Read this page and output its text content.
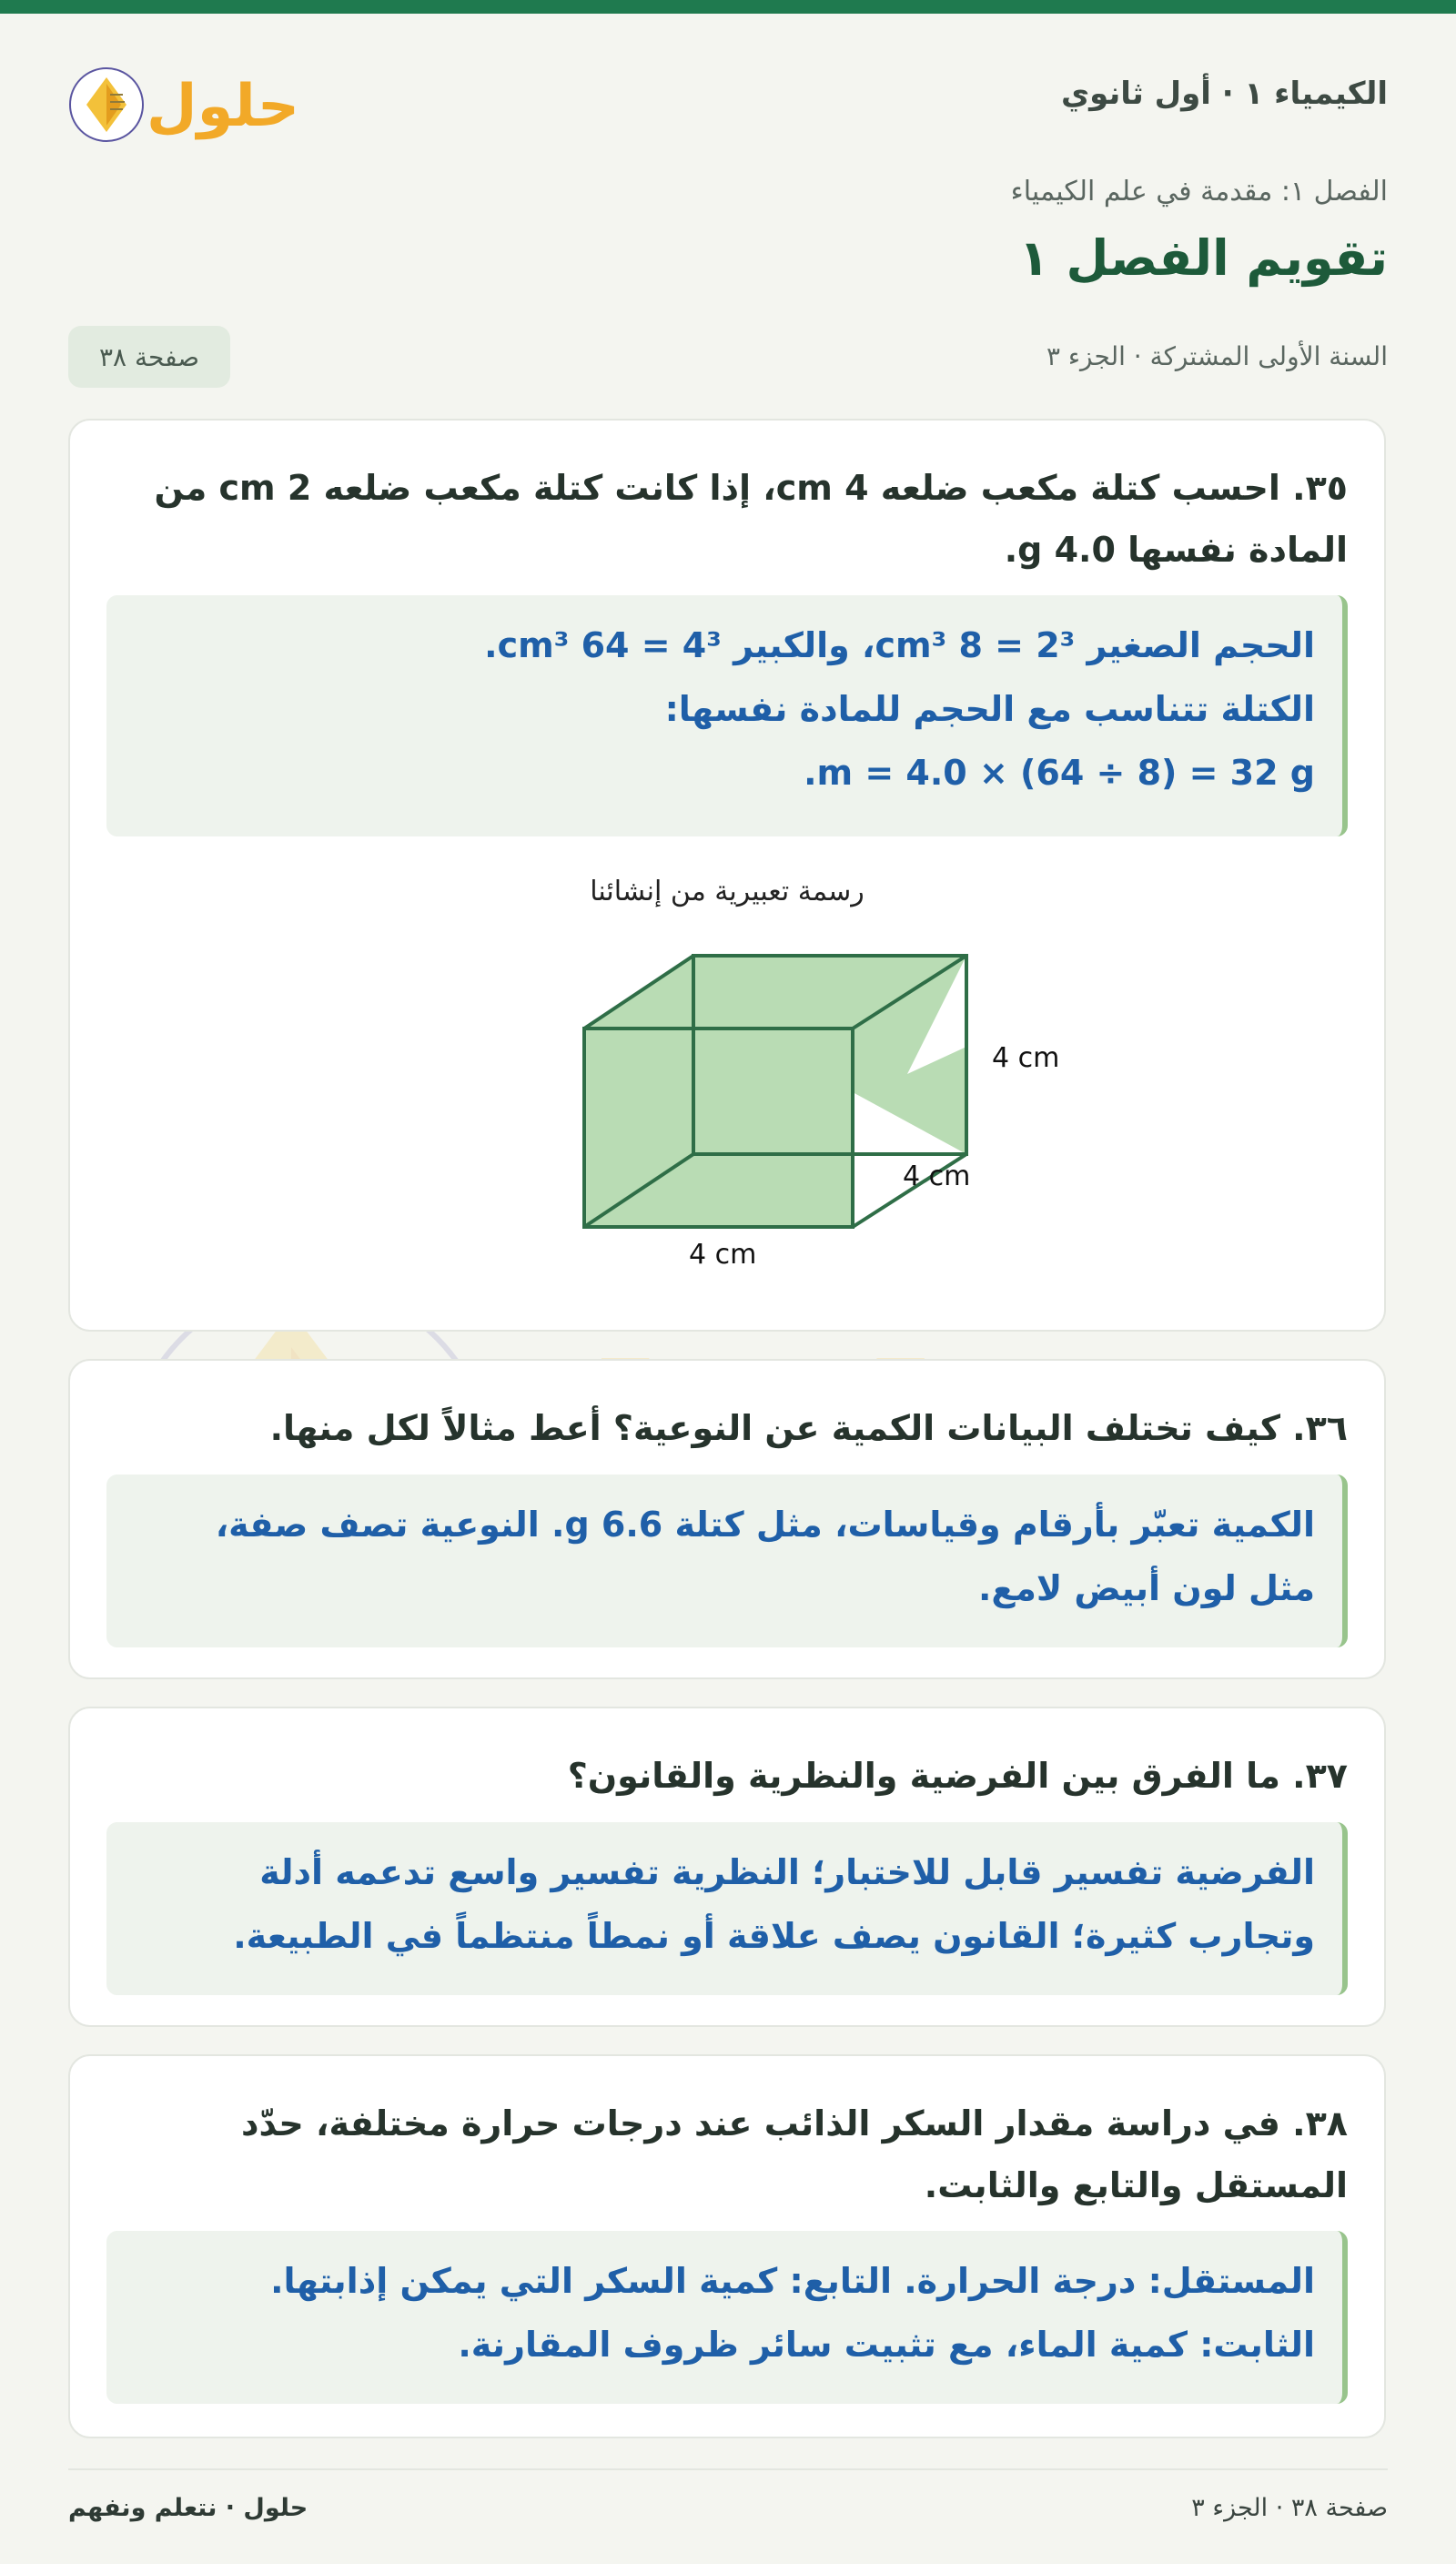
حلول	الكيمياء ١ · أول ثانوي
الفصل ١: مقدمة في علم الكيمياء
تقويم الفصل ١
السنة الأولى المشتركة · الجزء ٣
صفحة ٣٨

٣٥. احسب كتلة مكعب ضلعه 4 cm، إذا كانت كتلة مكعب ضلعه 2 cm من المادة نفسها 4.0 g.

الحجم الصغير 2³ = 8 cm³، والكبير 4³ = 64 cm³.

الكتلة تتناسب مع الحجم للمادة نفسها:

m = 4.0 × (64 ÷ 8) = 32 g.

رسمة تعبيرية من إنشائنا
4 cm
4 cm
4 cm

٣٦. كيف تختلف البيانات الكمية عن النوعية؟ أعط مثالاً لكل منها.

الكمية تعبّر بأرقام وقياسات، مثل كتلة 6.6 g. النوعية تصف صفة،

مثل لون أبيض لامع.

٣٧. ما الفرق بين الفرضية والنظرية والقانون؟

الفرضية تفسير قابل للاختبار؛ النظرية تفسير واسع تدعمه أدلة

وتجارب كثيرة؛ القانون يصف علاقة أو نمطاً منتظماً في الطبيعة.

٣٨. في دراسة مقدار السكر الذائب عند درجات حرارة مختلفة، حدّد المستقل والتابع والثابت.

المستقل: درجة الحرارة. التابع: كمية السكر التي يمكن إذابتها.

الثابت: كمية الماء، مع تثبيت سائر ظروف المقارنة.

صفحة ٣٨ · الجزء ٣
حلول · نتعلم ونفهم
